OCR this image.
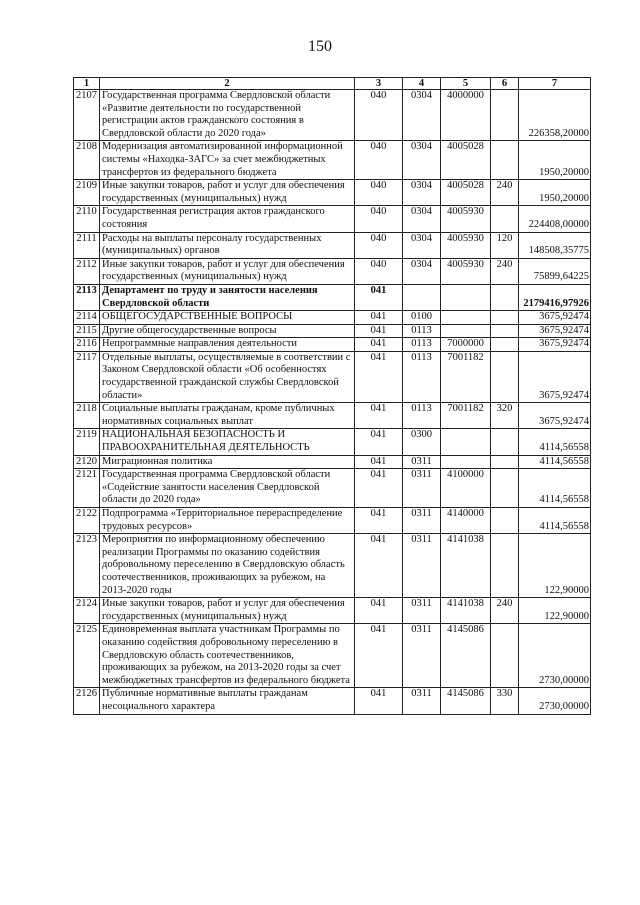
150
1	2	3	4	5	6	7
2107	Государственная программа Свердловской области «Развитие деятельности по государственной регистрации актов гражданского состояния в Свердловской области до 2020 года»	040	0304	4000000		226358,20000
2108	Модернизация автоматизированной информационной системы «Находка-ЗАГС» за счет межбюджетных трансфертов из федерального бюджета	040	0304	4005028		1950,20000
2109	Иные закупки товаров, работ и услуг для обеспечения государственных (муниципальных) нужд	040	0304	4005028	240	1950,20000
2110	Государственная регистрация актов гражданского состояния	040	0304	4005930		224408,00000
2111	Расходы на выплаты персоналу государственных (муниципальных) органов	040	0304	4005930	120	148508,35775
2112	Иные закупки товаров, работ и услуг для обеспечения государственных (муниципальных) нужд	040	0304	4005930	240	75899,64225
2113	Департамент по труду и занятости населения Свердловской области	041				2179416,97926
2114	ОБЩЕГОСУДАРСТВЕННЫЕ ВОПРОСЫ	041	0100			3675,92474
2115	Другие общегосударственные вопросы	041	0113			3675,92474
2116	Непрограммные направления деятельности	041	0113	7000000		3675,92474
2117	Отдельные выплаты, осуществляемые в соответствии с Законом Свердловской области «Об особенностях государственной гражданской службы Свердловской области»	041	0113	7001182		3675,92474
2118	Социальные выплаты гражданам, кроме публичных нормативных социальных выплат	041	0113	7001182	320	3675,92474
2119	НАЦИОНАЛЬНАЯ БЕЗОПАСНОСТЬ И ПРАВООХРАНИТЕЛЬНАЯ ДЕЯТЕЛЬНОСТЬ	041	0300			4114,56558
2120	Миграционная политика	041	0311			4114,56558
2121	Государственная программа Свердловской области «Содействие занятости населения Свердловской области до 2020 года»	041	0311	4100000		4114,56558
2122	Подпрограмма «Территориальное перераспределение трудовых ресурсов»	041	0311	4140000		4114,56558
2123	Мероприятия по информационному обеспечению реализации Программы по оказанию содействия добровольному переселению в Свердловскую область соотечественников, проживающих за рубежом, на 2013-2020 годы	041	0311	4141038		122,90000
2124	Иные закупки товаров, работ и услуг для обеспечения государственных (муниципальных) нужд	041	0311	4141038	240	122,90000
2125	Единовременная выплата участникам Программы по оказанию содействия добровольному переселению в Свердловскую область соотечественников, проживающих за рубежом, на 2013-2020 годы за счет межбюджетных трансфертов из федерального бюджета	041	0311	4145086		2730,00000
2126	Публичные нормативные выплаты гражданам несоциального характера	041	0311	4145086	330	2730,00000
